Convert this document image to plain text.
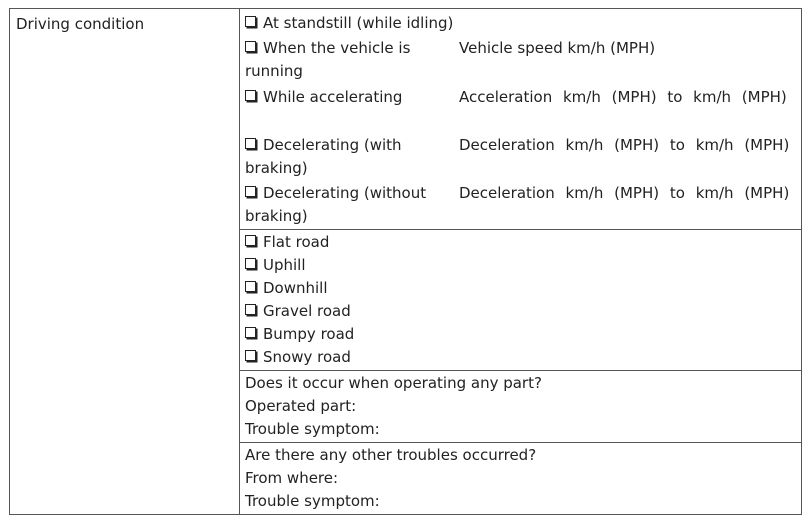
Driving condition	At standstill (while idling)
When the vehicle is running
Vehicle speed km/h (MPH)
While accelerating	Acceleration km/h (MPH) to km/h (MPH)
Decelerating (with braking)
Deceleration km/h (MPH) to km/h (MPH)
Decelerating (without braking)
Deceleration km/h (MPH) to km/h (MPH)
Flat road
Uphill
Downhill
Gravel road
Bumpy road
Snowy road
Does it occur when operating any part?
Operated part:
Trouble symptom:
Are there any other troubles occurred?
From where:
Trouble symptom:
